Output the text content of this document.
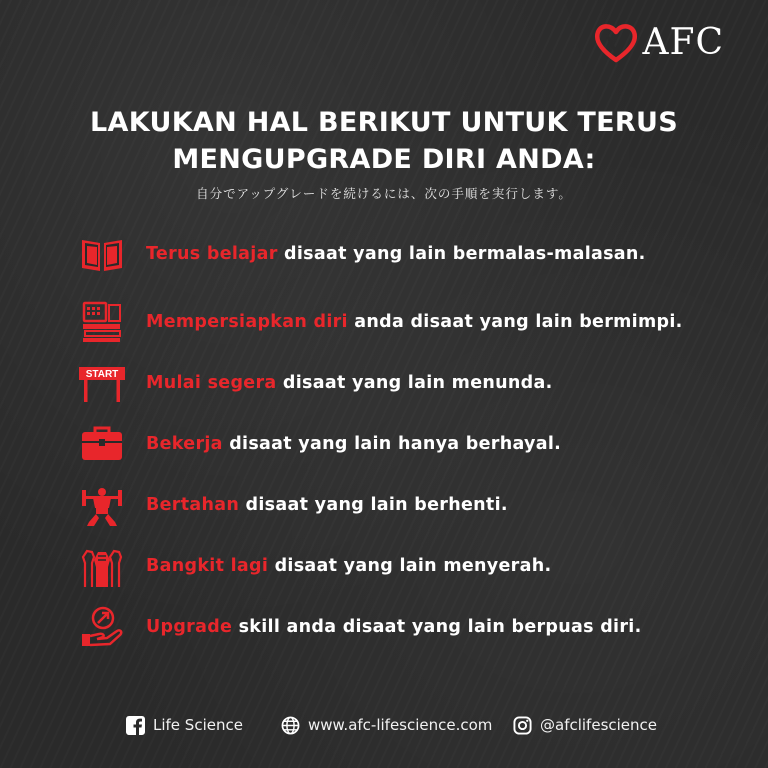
AFC
LAKUKAN HAL BERIKUT UNTUK TERUS
MENGUPGRADE DIRI ANDA:
自分でアップグレードを続けるには、次の手順を実行します。
Terus belajar disaat yang lain bermalas-malasan.
Mempersiapkan diri anda disaat yang lain bermimpi.
START Mulai segera disaat yang lain menunda.
Bekerja disaat yang lain hanya berhayal.
Bertahan disaat yang lain berhenti.
Bangkit lagi disaat yang lain menyerah.
Upgrade skill anda disaat yang lain berpuas diri.
Life Science	www.afc-lifescience.com	@afclifescience
